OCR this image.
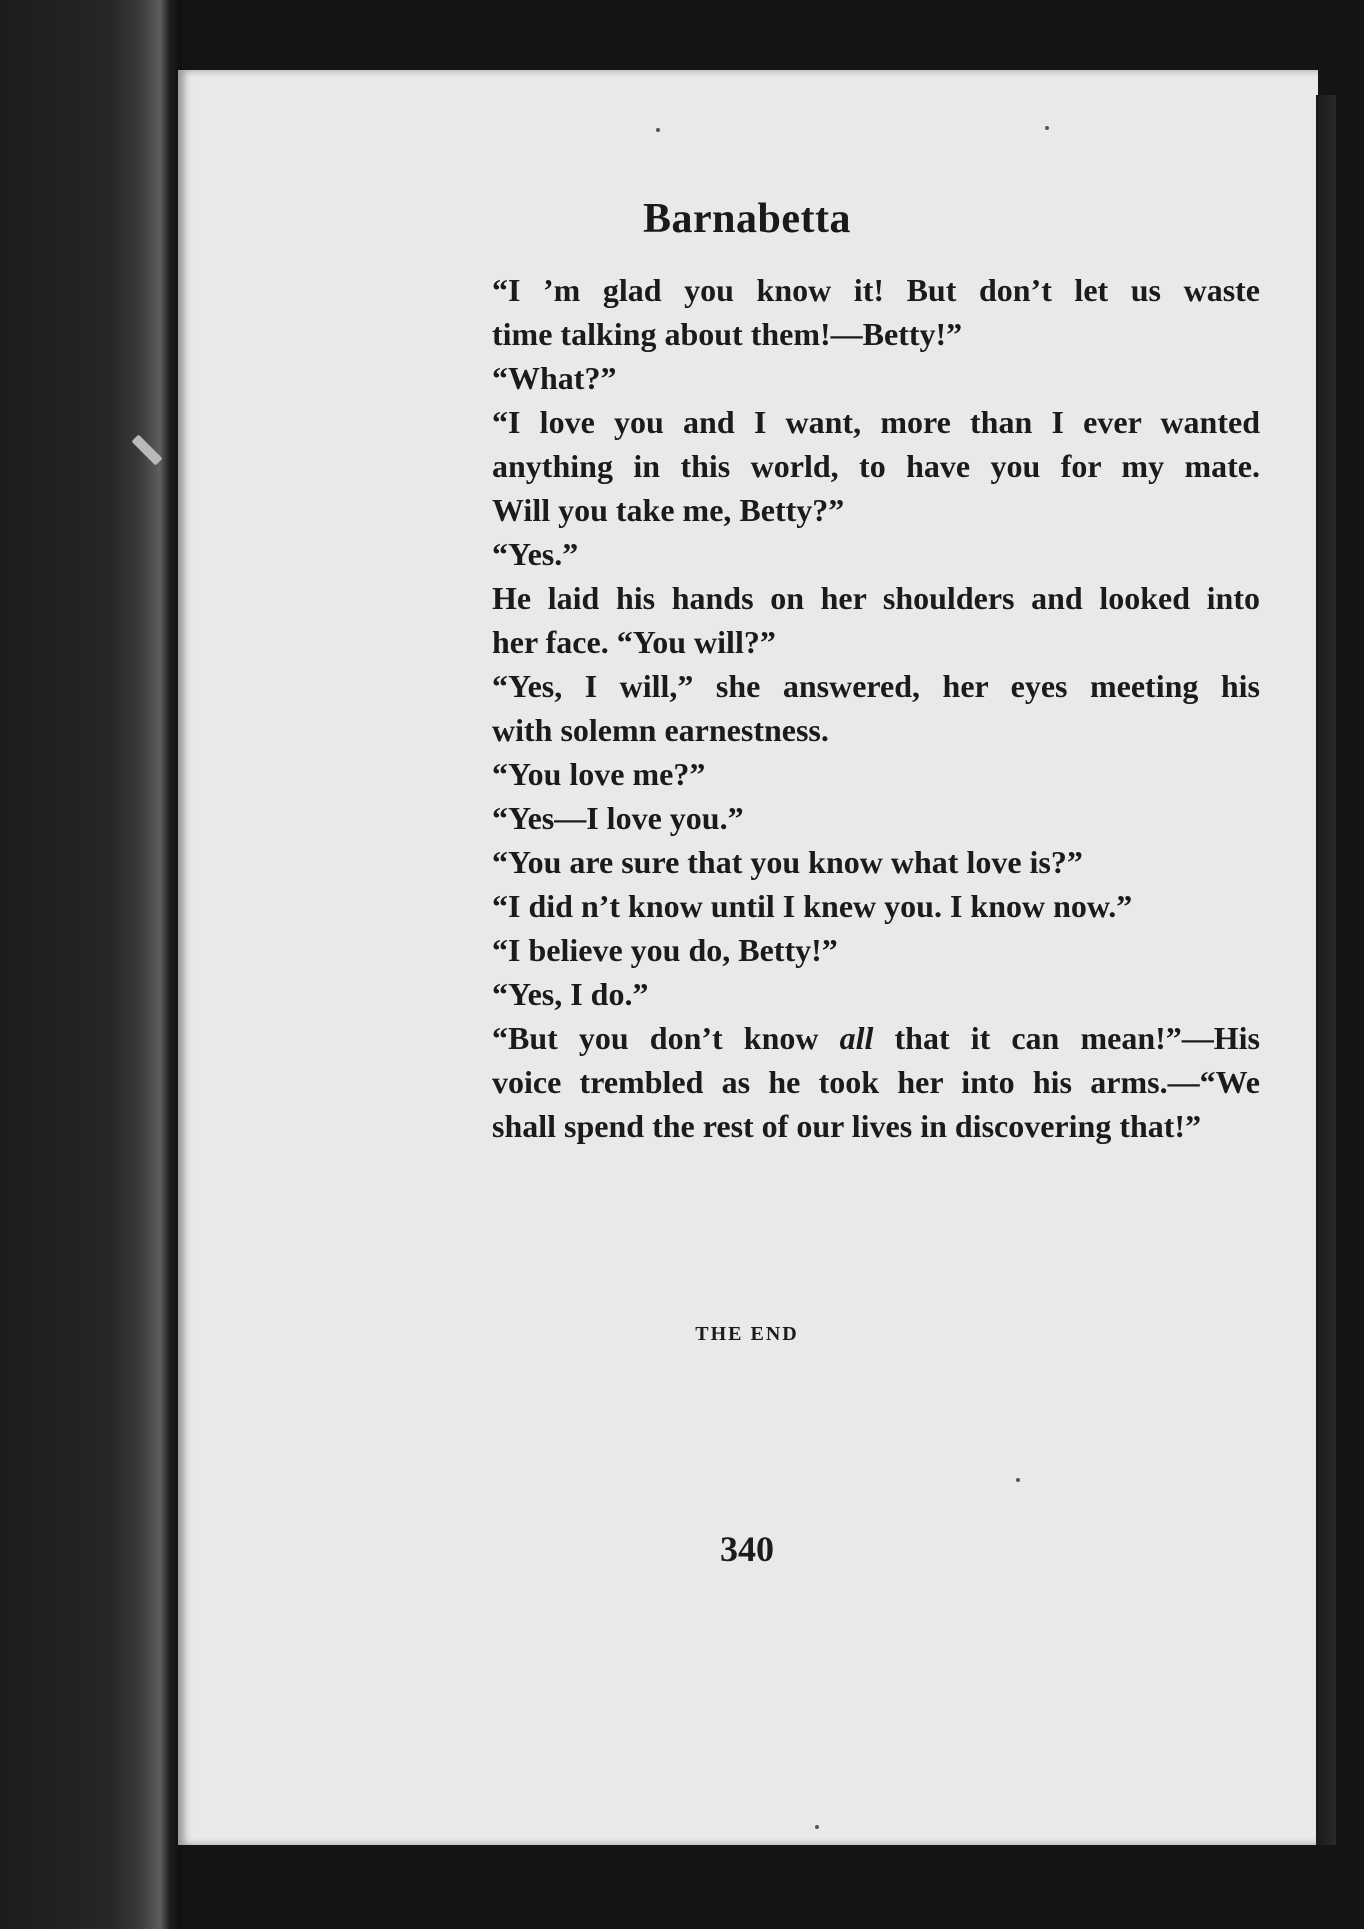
Barnabetta
“I ’m glad you know it! But don’t let us waste
time talking about them!—Betty!”
“What?”
“I love you and I want, more than I ever wanted
anything in this world, to have you for my mate.
Will you take me, Betty?”
“Yes.”
He laid his hands on her shoulders and looked into
her face. “You will?”
“Yes, I will,” she answered, her eyes meeting his
with solemn earnestness.
“You love me?”
“Yes—I love you.”
“You are sure that you know what love is?”
“I did n’t know until I knew you. I know now.”
“I believe you do, Betty!”
“Yes, I do.”
“But you don’t know all that it can mean!”—His
voice trembled as he took her into his arms.—“We
shall spend the rest of our lives in discovering that!”
THE END
340
